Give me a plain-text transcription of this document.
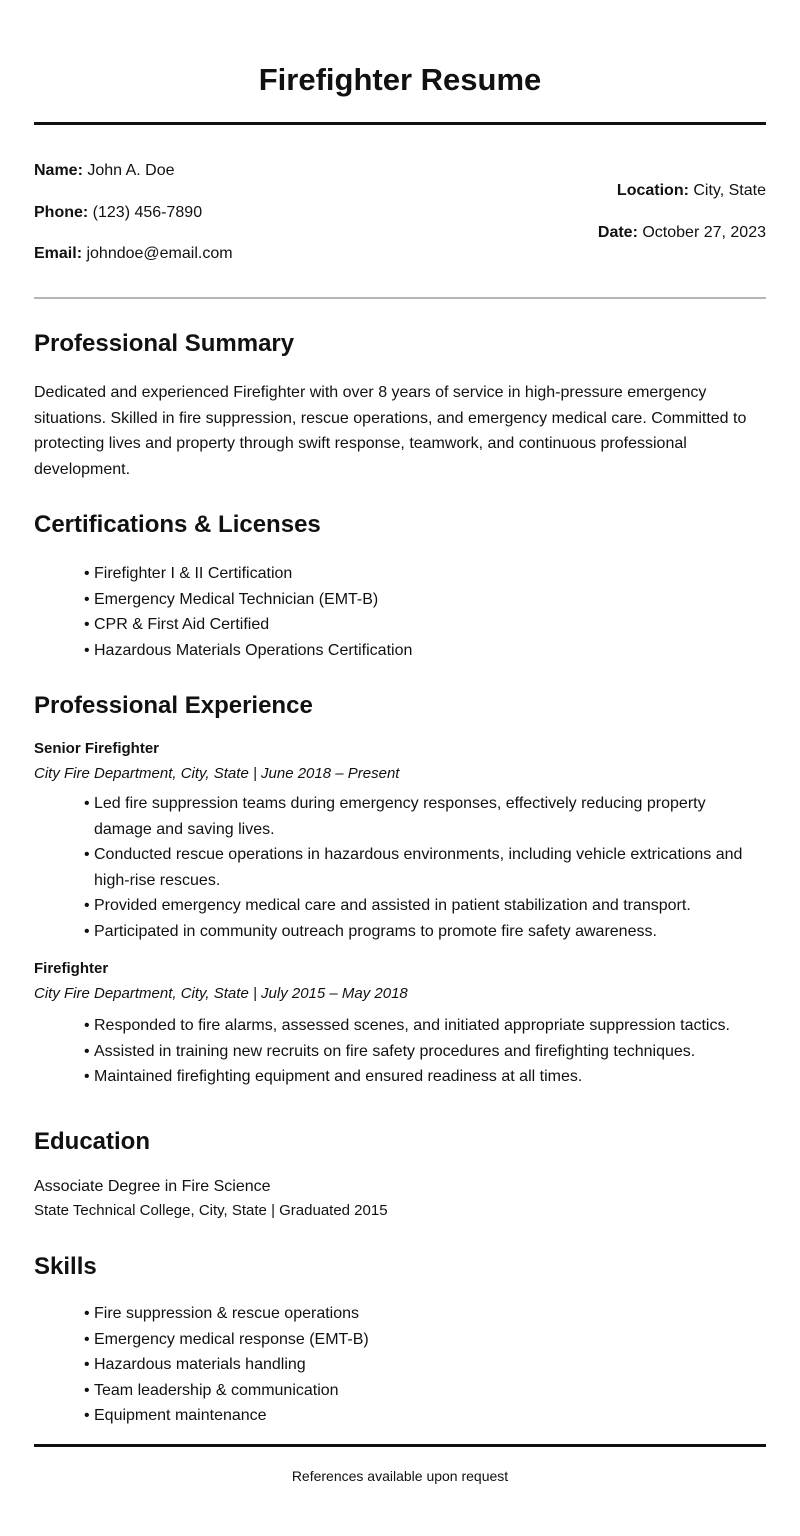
Firefighter Resume
Name: John A. Doe
Phone: (123) 456-7890
Email: johndoe@email.com
Location: City, State
Date: October 27, 2023
Professional Summary

Dedicated and experienced Firefighter with over 8 years of service in high-pressure emergency situations. Skilled in fire suppression, rescue operations, and emergency medical care. Committed to protecting lives and property through swift response, teamwork, and continuous professional development.

Certifications & Licenses
• Firefighter I & II Certification
• Emergency Medical Technician (EMT-B)
• CPR & First Aid Certified
• Hazardous Materials Operations Certification
Professional Experience
Senior Firefighter
City Fire Department, City, State | June 2018 – Present
• Led fire suppression teams during emergency responses, effectively reducing property damage and saving lives.
• Conducted rescue operations in hazardous environments, including vehicle extrications and high-rise rescues.
• Provided emergency medical care and assisted in patient stabilization and transport.
• Participated in community outreach programs to promote fire safety awareness.
Firefighter
City Fire Department, City, State | July 2015 – May 2018
• Responded to fire alarms, assessed scenes, and initiated appropriate suppression tactics.
• Assisted in training new recruits on fire safety procedures and firefighting techniques.
• Maintained firefighting equipment and ensured readiness at all times.
Education
Associate Degree in Fire Science
State Technical College, City, State | Graduated 2015
Skills
• Fire suppression & rescue operations
• Emergency medical response (EMT-B)
• Hazardous materials handling
• Team leadership & communication
• Equipment maintenance
References available upon request
